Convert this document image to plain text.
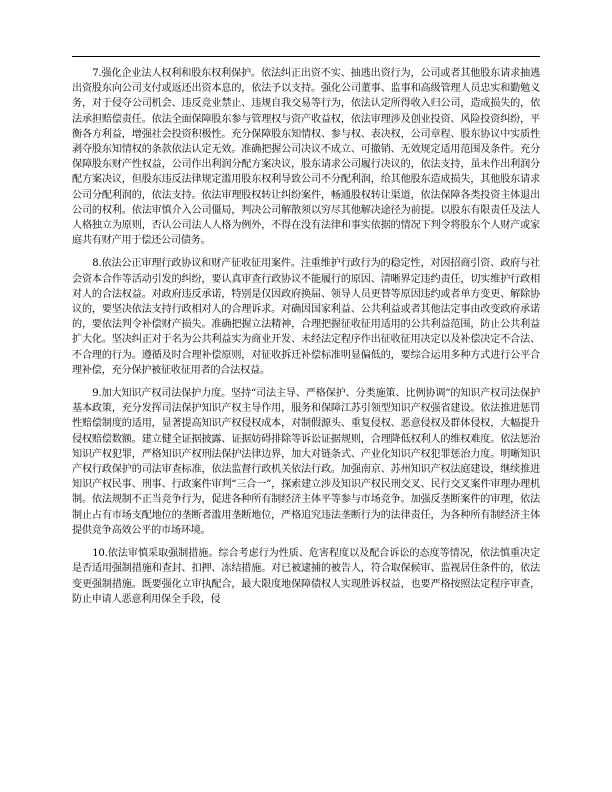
7.强化企业法人权利和股东权利保护。依法纠正出资不实、抽逃出资行为，公司或者其他股东请求抽逃出资股东向公司支付或返还出资本息的，依法予以支持。强化公司董事、监事和高级管理人员忠实和勤勉义务，对于侵夺公司机会、违反竞业禁止、违规自我交易等行为，依法认定所得收入归公司，造成损失的，依法承担赔偿责任。依法全面保障股东参与管理权与资产收益权，依法审理涉及创业投资、风险投资纠纷，平衡各方利益，增强社会投资积极性。充分保障股东知情权、参与权、表决权，公司章程、股东协议中实质性剥夺股东知情权的条款依法认定无效。准确把握公司决议不成立、可撤销、无效规定适用范围及条件。充分保障股东财产性权益，公司作出利润分配方案决议，股东请求公司履行决议的，依法支持，虽未作出利润分配方案决议，但股东违反法律规定滥用股东权利导致公司不分配利润，给其他股东造成损失，其他股东请求公司分配利润的，依法支持。依法审理股权转让纠纷案件，畅通股权转让渠道，依法保障各类投资主体退出公司的权利。依法审慎介入公司僵局，判决公司解散须以穷尽其他解决途径为前提。以股东有限责任及法人人格独立为原则，否认公司法人人格为例外，不得在没有法律和事实依据的情况下判令将股东个人财产或家庭共有财产用于偿还公司债务。

8.依法公正审理行政协议和财产征收征用案件。注重维护行政行为的稳定性，对因招商引资、政府与社会资本合作等活动引发的纠纷，要认真审查行政协议不能履行的原因、清晰界定违约责任，切实维护行政相对人的合法权益。对政府违反承诺，特别是仅因政府换届、领导人员更替等原因违约或者单方变更、解除协议的，要坚决依法支持行政相对人的合理诉求。对确因国家利益、公共利益或者其他法定事由改变政府承诺的，要依法判令补偿财产损失。准确把握立法精神，合理把握征收征用适用的公共利益范围，防止公共利益扩大化。坚决纠正对于名为公共利益实为商业开发、未经法定程序作出征收征用决定以及补偿决定不合法、不合理的行为。遵循及时合理补偿原则，对征收拆迁补偿标准明显偏低的，要综合运用多种方式进行公平合理补偿，充分保护被征收征用者的合法权益。

9.加大知识产权司法保护力度。坚持“司法主导、严格保护、分类施策、比例协调”的知识产权司法保护基本政策，充分发挥司法保护知识产权主导作用，服务和保障江苏引领型知识产权强省建设。依法推进惩罚性赔偿制度的适用，显著提高知识产权侵权成本，对制假源头、重复侵权、恶意侵权及群体侵权，大幅提升侵权赔偿数额。建立健全证据披露、证据妨碍排除等诉讼证据规则，合理降低权利人的维权难度。依法惩治知识产权犯罪，严格知识产权刑法保护法律边界，加大对链条式、产业化知识产权犯罪惩治力度。明晰知识产权行政保护的司法审查标准，依法监督行政机关依法行政。加强南京、苏州知识产权法庭建设，继续推进知识产权民事、刑事、行政案件审判“三合一”，探索建立涉及知识产权民刑交叉、民行交叉案件审理办理机制。依法规制不正当竞争行为，促进各种所有制经济主体平等参与市场竞争。加强反垄断案件的审理，依法制止占有市场支配地位的垄断者滥用垄断地位，严格追究违法垄断行为的法律责任，为各种所有制经济主体提供竞争高效公平的市场环境。

10.依法审慎采取强制措施。综合考虑行为性质、危害程度以及配合诉讼的态度等情况，依法慎重决定是否适用强制措施和查封、扣押、冻结措施。对已被逮捕的被告人，符合取保候审、监视居住条件的，依法变更强制措施。既要强化立审执配合，最大限度地保障债权人实现胜诉权益，也要严格按照法定程序审查，防止申请人恶意利用保全手段，侵
